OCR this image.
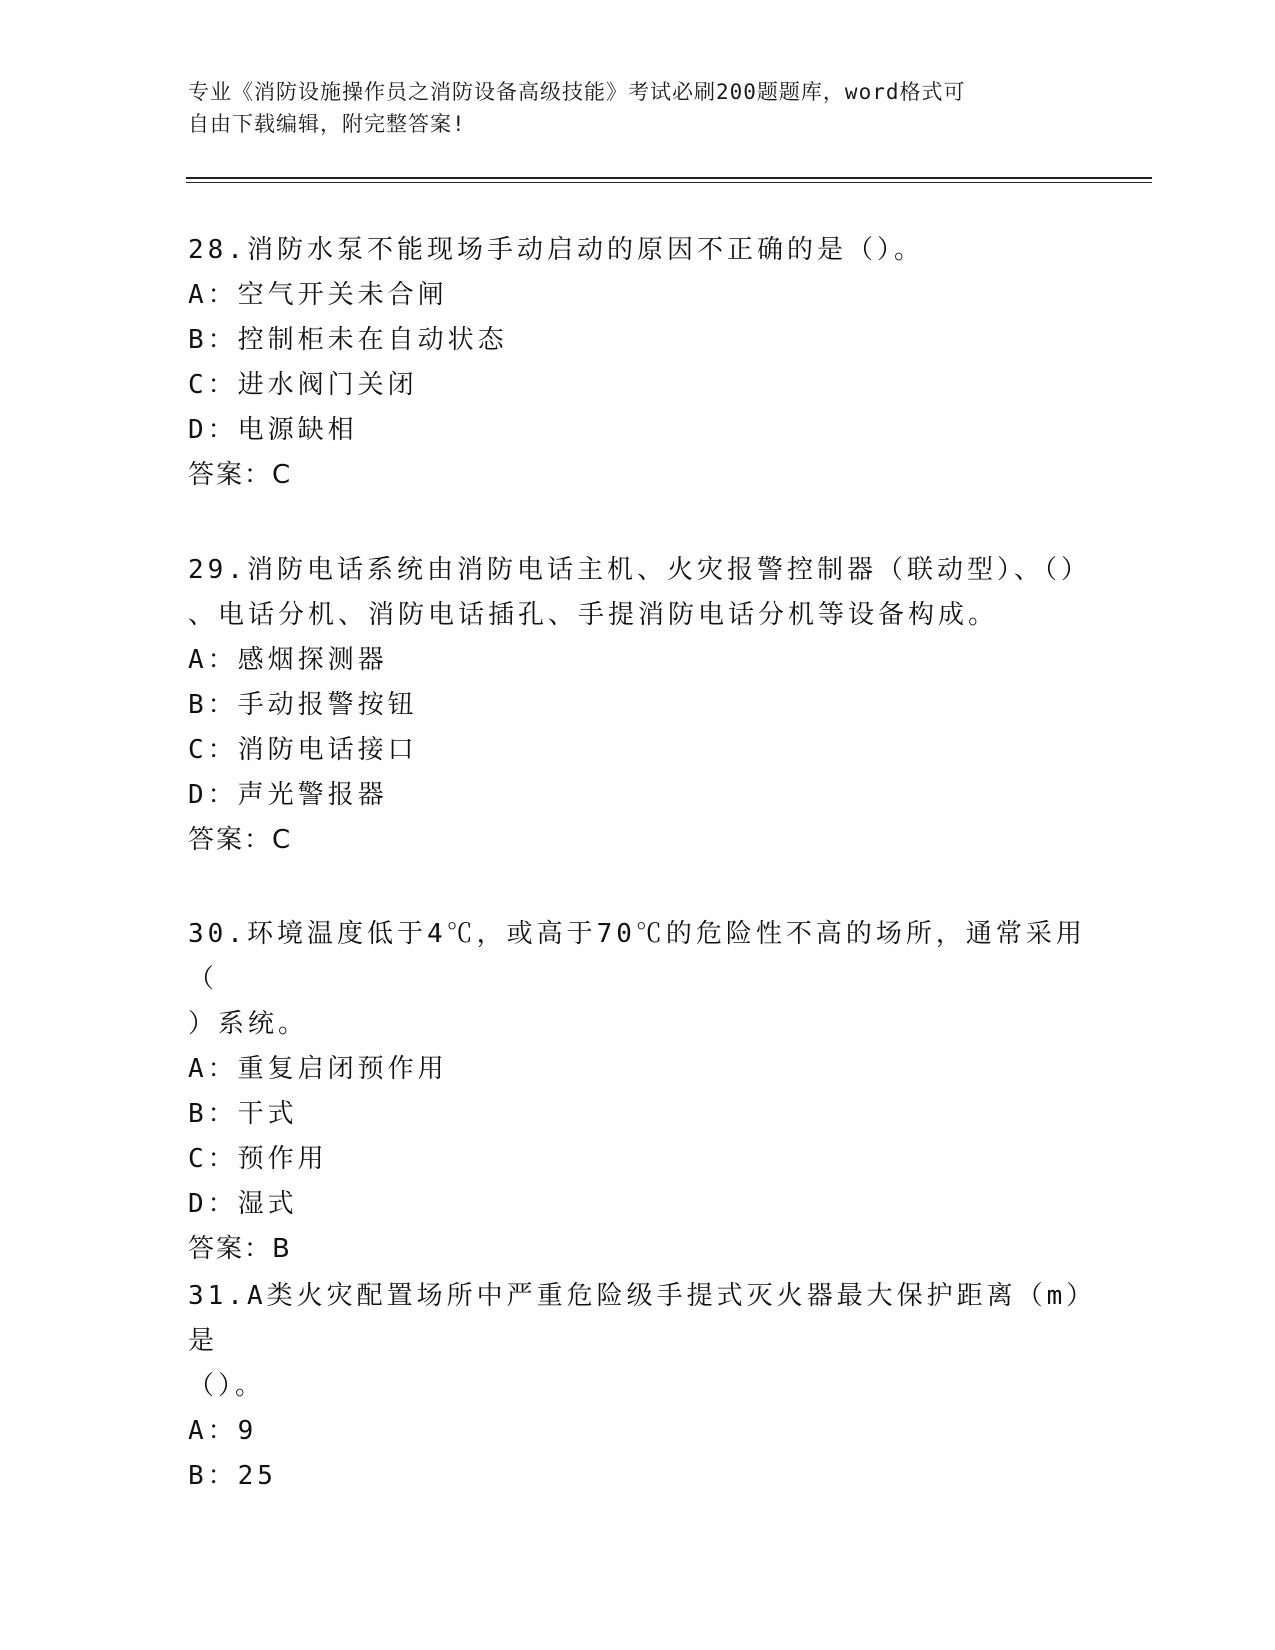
专业《消防设施操作员之消防设备高级技能》考试必刷200题题库，word格式可
自由下载编辑，附完整答案!
28.消防水泵不能现场手动启动的原因不正确的是（）。
A：空气开关未合闸
B：控制柜未在自动状态
C：进水阀门关闭
D：电源缺相
答案：C
29.消防电话系统由消防电话主机、火灾报警控制器（联动型）、（）
、电话分机、消防电话插孔、手提消防电话分机等设备构成。
A：感烟探测器
B：手动报警按钮
C：消防电话接口
D：声光警报器
答案：C
30.环境温度低于4℃，或高于70℃的危险性不高的场所，通常采用（
）系统。
A：重复启闭预作用
B：干式
C：预作用
D：湿式
答案：B
31.A类火灾配置场所中严重危险级手提式灭火器最大保护距离（m）是
（）。
A：9
B：25
